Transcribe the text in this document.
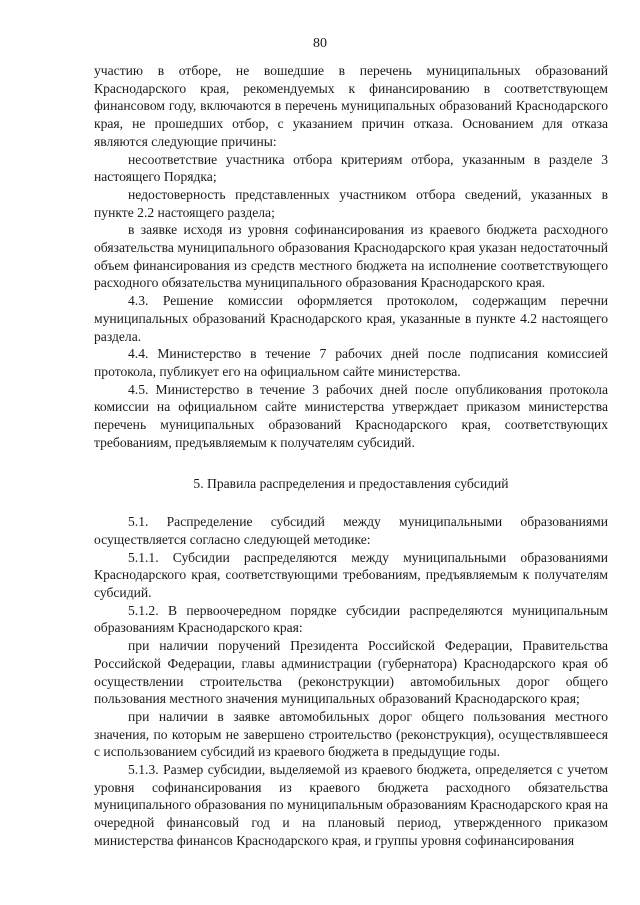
80

участию в отборе, не вошедшие в перечень муниципальных образований Краснодарского края, рекомендуемых к финансированию в соответствующем финансовом году, включаются в перечень муниципальных образований Краснодарского края, не прошедших отбор, с указанием причин отказа. Основанием для отказа являются следующие причины:

несоответствие участника отбора критериям отбора, указанным в разделе 3 настоящего Порядка;

недостоверность представленных участником отбора сведений, указанных в пункте 2.2 настоящего раздела;

в заявке исходя из уровня софинансирования из краевого бюджета расходного обязательства муниципального образования Краснодарского края указан недостаточный объем финансирования из средств местного бюджета на исполнение соответствующего расходного обязательства муниципального образования Краснодарского края.

4.3. Решение комиссии оформляется протоколом, содержащим перечни муниципальных образований Краснодарского края, указанные в пункте 4.2 настоящего раздела.

4.4. Министерство в течение 7 рабочих дней после подписания комиссией протокола, публикует его на официальном сайте министерства.

4.5. Министерство в течение 3 рабочих дней после опубликования протокола комиссии на официальном сайте министерства утверждает приказом министерства перечень муниципальных образований Краснодарского края, соответствующих требованиям, предъявляемым к получателям субсидий.

5. Правила распределения и предоставления субсидий

5.1. Распределение субсидий между муниципальными образованиями осуществляется согласно следующей методике:

5.1.1. Субсидии распределяются между муниципальными образованиями Краснодарского края, соответствующими требованиям, предъявляемым к получателям субсидий.

5.1.2. В первоочередном порядке субсидии распределяются муниципальным образованиям Краснодарского края:

при наличии поручений Президента Российской Федерации, Правительства Российской Федерации, главы администрации (губернатора) Краснодарского края об осуществлении строительства (реконструкции) автомобильных дорог общего пользования местного значения муниципальных образований Краснодарского края;

при наличии в заявке автомобильных дорог общего пользования местного значения, по которым не завершено строительство (реконструкция), осуществлявшееся с использованием субсидий из краевого бюджета в предыдущие годы.

5.1.3. Размер субсидии, выделяемой из краевого бюджета, определяется с учетом уровня софинансирования из краевого бюджета расходного обязательства муниципального образования по муниципальным образованиям Краснодарского края на очередной финансовый год и на плановый период, утвержденного приказом министерства финансов Краснодарского края, и группы уровня софинансирования
